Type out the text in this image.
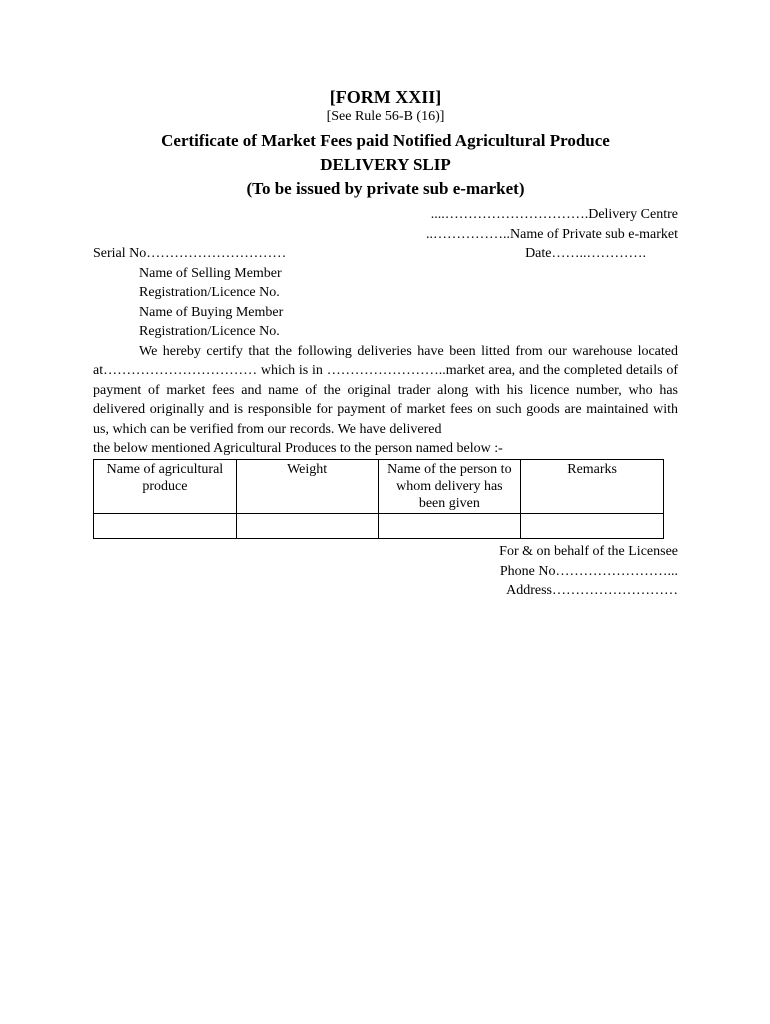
[FORM XXII]
[See Rule 56-B (16)]
Certificate of Market Fees paid Notified Agricultural Produce
DELIVERY SLIP
(To be issued by private sub e-market)
....………………………….Delivery Centre
..……………..Name of Private sub e-market
Serial No…………………………	Date……..………….
Name of Selling Member
Registration/Licence No.
Name of Buying Member
Registration/Licence No.

We hereby certify that the following deliveries have been litted from our warehouse located at…………………………… which is in ……………………..market area, and the completed details of payment of market fees and name of the original trader along with his licence number, who has delivered originally and is responsible for payment of market fees on such goods are maintained with us, which can be verified from our records. We have delivered

the below mentioned Agricultural Produces to the person named below :-

Name of agricultural produce	Weight	Name of the person to whom delivery has been given	Remarks

For & on behalf of the Licensee
Phone No……………………...
Address………………………
